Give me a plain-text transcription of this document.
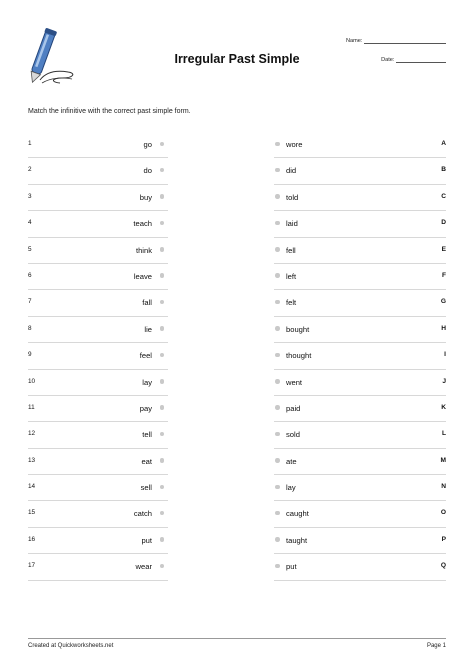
Irregular Past Simple
Name:
Date:
Match the infinitive with the correct past simple form.
1	go
2	do
3	buy
4	teach
5	think
6	leave
7	fall
8	lie
9	feel
10	lay
11	pay
12	tell
13	eat
14	sell
15	catch
16	put
17	wear
wore	A
did	B
told	C
laid	D
fell	E
left	F
felt	G
bought	H
thought	I
went	J
paid	K
sold	L
ate	M
lay	N
caught	O
taught	P
put	Q
Created at Quickworksheets.net	Page 1
